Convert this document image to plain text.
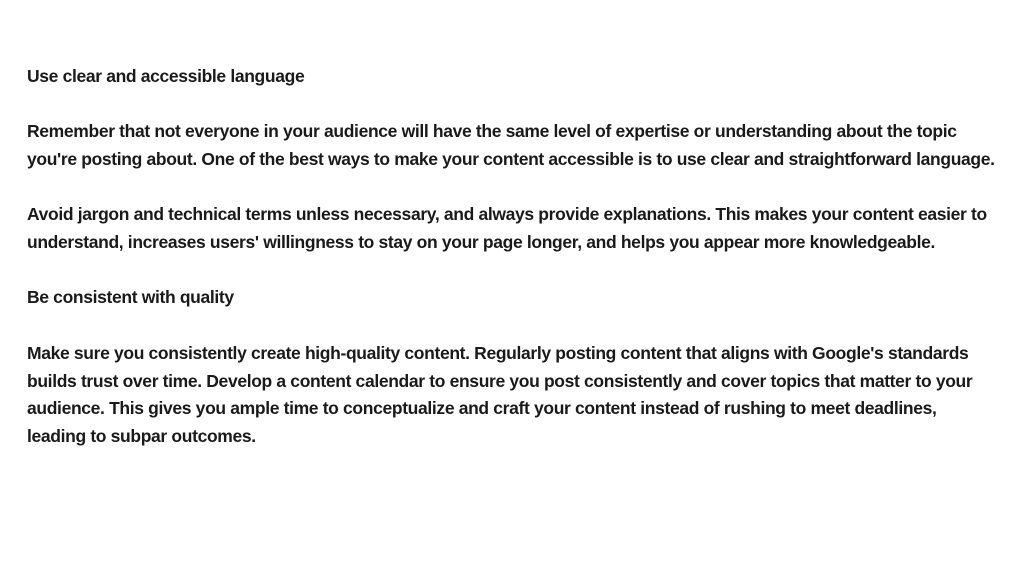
Use clear and accessible language
Remember that not everyone in your audience will have the same level of expertise or understanding about the topic you're posting about. One of the best ways to make your content accessible is to use clear and straightforward language.
Avoid jargon and technical terms unless necessary, and always provide explanations. This makes your content easier to understand, increases users' willingness to stay on your page longer, and helps you appear more knowledgeable.
Be consistent with quality
Make sure you consistently create high-quality content. Regularly posting content that aligns with Google's standards builds trust over time. Develop a content calendar to ensure you post consistently and cover topics that matter to your audience. This gives you ample time to conceptualize and craft your content instead of rushing to meet deadlines, leading to subpar outcomes.
